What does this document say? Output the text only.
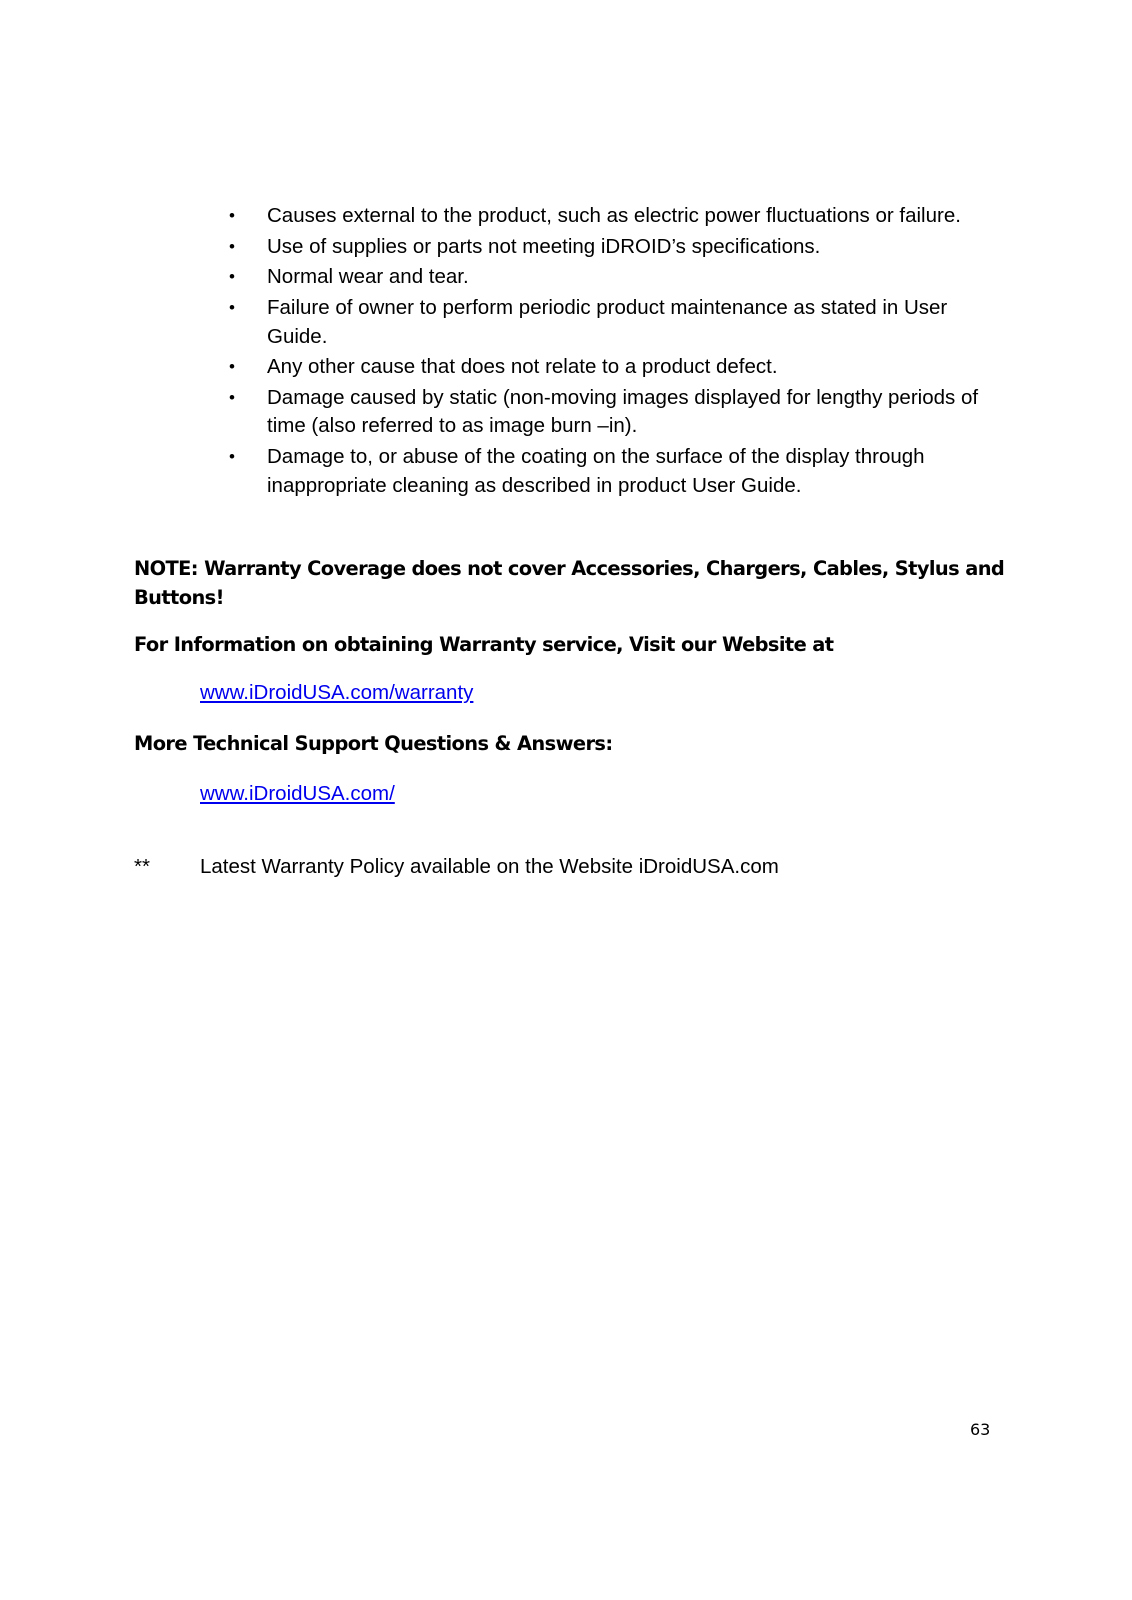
• Causes external to the product, such as electric power fluctuations or failure.
• Use of supplies or parts not meeting iDROID’s specifications.
• Normal wear and tear.
• Failure of owner to perform periodic product maintenance as stated in User Guide.
• Any other cause that does not relate to a product defect.
• Damage caused by static (non-moving images displayed for lengthy periods of time (also referred to as image burn –in).
• Damage to, or abuse of the coating on the surface of the display through inappropriate cleaning as described in product User Guide.

NOTE: Warranty Coverage does not cover Accessories, Chargers, Cables, Stylus and Buttons!

For Information on obtaining Warranty service, Visit our Website at

www.iDroidUSA.com/warranty

More Technical Support Questions & Answers:

www.iDroidUSA.com/
** Latest Warranty Policy available on the Website iDroidUSA.com
63
